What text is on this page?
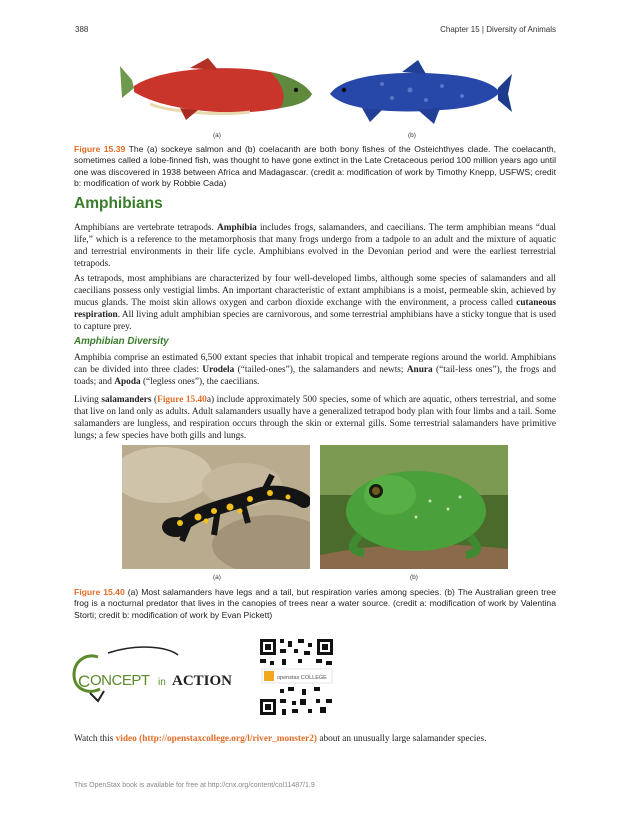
388	Chapter 15 | Diversity of Animals
(a)	(b)
Figure 15.39 The (a) sockeye salmon and (b) coelacanth are both bony fishes of the Osteichthyes clade. The coelacanth, sometimes called a lobe-finned fish, was thought to have gone extinct in the Late Cretaceous period 100 million years ago until one was discovered in 1938 between Africa and Madagascar. (credit a: modification of work by Timothy Knepp, USFWS; credit b: modification of work by Robbie Cada)
Amphibians
Amphibians are vertebrate tetrapods. Amphibia includes frogs, salamanders, and caecilians. The term amphibian means “dual life,” which is a reference to the metamorphosis that many frogs undergo from a tadpole to an adult and the mixture of aquatic and terrestrial environments in their life cycle. Amphibians evolved in the Devonian period and were the earliest terrestrial tetrapods.
As tetrapods, most amphibians are characterized by four well-developed limbs, although some species of salamanders and all caecilians possess only vestigial limbs. An important characteristic of extant amphibians is a moist, permeable skin, achieved by mucus glands. The moist skin allows oxygen and carbon dioxide exchange with the environment, a process called cutaneous respiration. All living adult amphibian species are carnivorous, and some terrestrial amphibians have a sticky tongue that is used to capture prey.
Amphibian Diversity
Amphibia comprise an estimated 6,500 extant species that inhabit tropical and temperate regions around the world. Amphibians can be divided into three clades: Urodela (“tailed-ones”), the salamanders and newts; Anura (“tail-less ones”), the frogs and toads; and Apoda (“legless ones”), the caecilians.
Living salamanders (Figure 15.40a) include approximately 500 species, some of which are aquatic, others terrestrial, and some that live on land only as adults. Adult salamanders usually have a generalized tetrapod body plan with four limbs and a tail. Some salamanders are lungless, and respiration occurs through the skin or external gills. Some terrestrial salamanders have primitive lungs; a few species have both gills and lungs.
(a)	(b)
Figure 15.40 (a) Most salamanders have legs and a tail, but respiration varies among species. (b) The Australian green tree frog is a nocturnal predator that lives in the canopies of trees near a water source. (credit a: modification of work by Valentina Storti; credit b: modification of work by Evan Pickett)
C ONCEPT in ACTION	openstax COLLEGE
Watch this video (http://openstaxcollege.org/l/river_monster2) about an unusually large salamander species.
This OpenStax book is available for free at http://cnx.org/content/col11487/1.9
